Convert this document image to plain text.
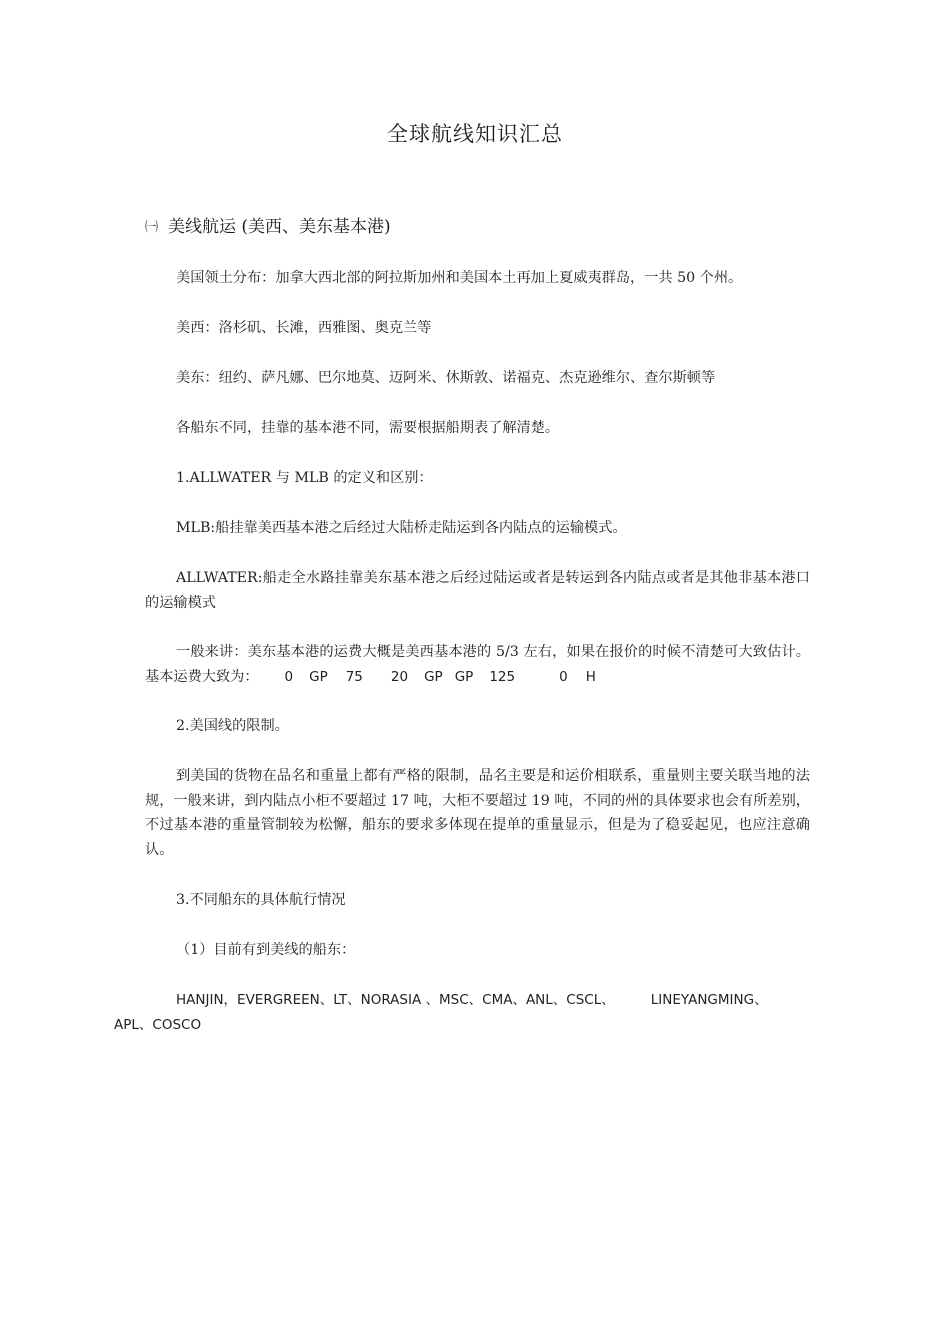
全球航线知识汇总
㈠ 美线航运 (美西、美东基本港)
美国领土分布：加拿大西北部的阿拉斯加州和美国本土再加上夏威夷群岛，一共 50 个州。
美西：洛杉矶、长滩，西雅图、奥克兰等
美东：纽约、萨凡娜、巴尔地莫、迈阿米、休斯敦、诺福克、杰克逊维尔、查尔斯顿等
各船东不同，挂靠的基本港不同，需要根据船期表了解清楚。
1.ALLWATER 与 MLB 的定义和区别：
MLB:船挂靠美西基本港之后经过大陆桥走陆运到各内陆点的运输模式。
ALLWATER:船走全水路挂靠美东基本港之后经过陆运或者是转运到各内陆点或者是其他非基本港口的运输模式
一般来讲：美东基本港的运费大概是美西基本港的 5/3 左右，如果在报价的时候不清楚可大致估计。基本运费大致为： 0 GP 75 20 GP GP 125	0 H
2.美国线的限制。
到美国的货物在品名和重量上都有严格的限制，品名主要是和运价相联系，重量则主要关联当地的法规，一般来讲，到内陆点小柜不要超过 17 吨，大柜不要超过 19 吨，不同的州的具体要求也会有所差别，不过基本港的重量管制较为松懈，船东的要求多体现在提单的重量显示，但是为了稳妥起见，也应注意确认。
3.不同船东的具体航行情况
（1）目前有到美线的船东：
HANJIN，EVERGREEN、LT、NORASIA 、MSC、CMA、ANL、CSCL、	LINEYANGMING、
APL、COSCO
